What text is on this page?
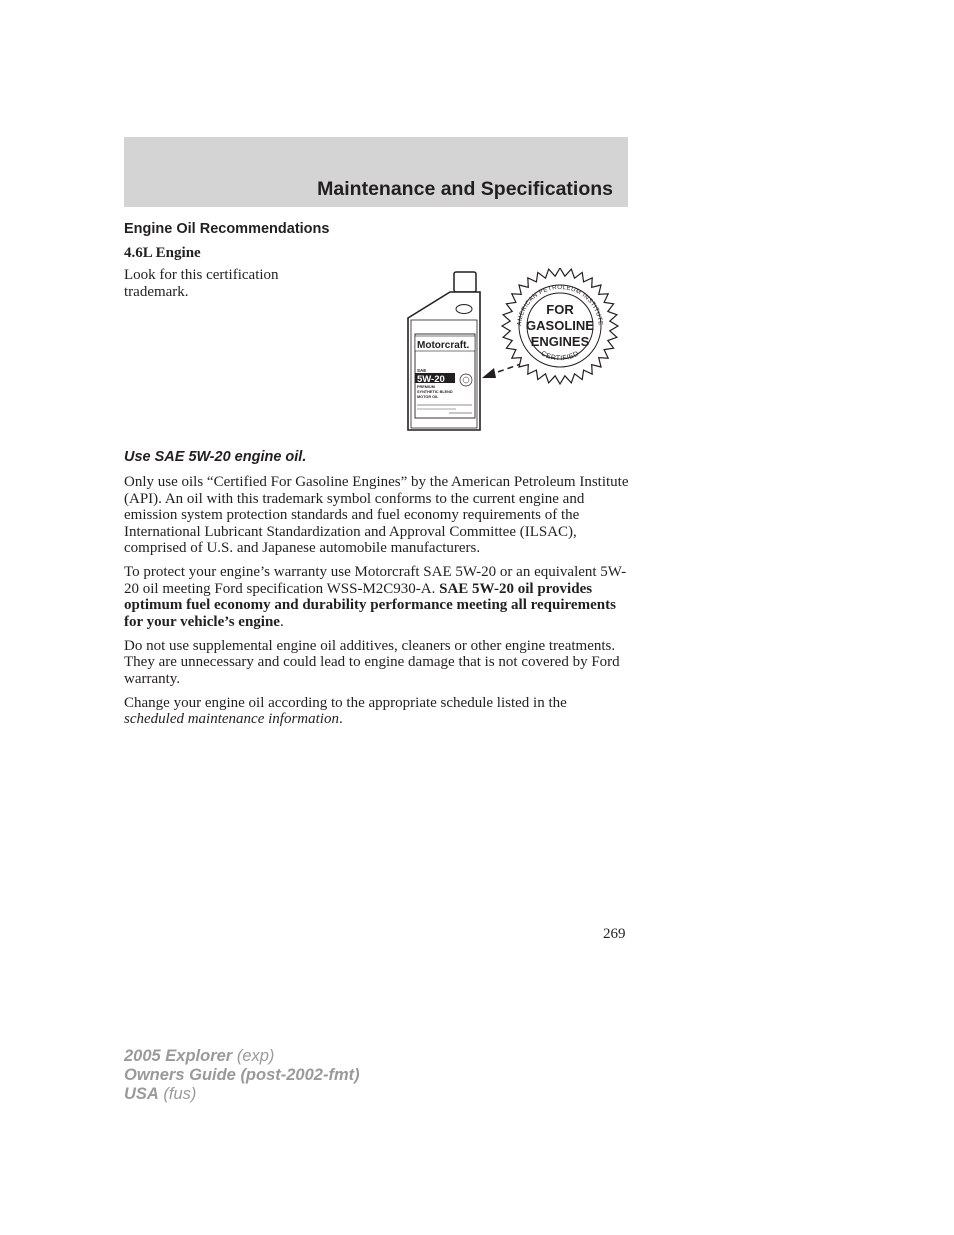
Maintenance and Specifications
Engine Oil Recommendations
4.6L Engine
Look for this certification trademark.
Motorcraft.
SAE
5W-20
PREMIUM
SYNTHETIC BLEND
MOTOR OIL
AMERICAN PETROLEUM INSTITUTE
CERTIFIED
FOR
GASOLINE
ENGINES
Use SAE 5W-20 engine oil.

Only use oils “Certified For Gasoline Engines” by the American Petroleum Institute (API). An oil with this trademark symbol conforms to the current engine and emission system protection standards and fuel economy requirements of the International Lubricant Standardization and Approval Committee (ILSAC), comprised of U.S. and Japanese automobile manufacturers.

To protect your engine’s warranty use Motorcraft SAE 5W-20 or an equivalent 5W-20 oil meeting Ford specification WSS-M2C930-A. SAE 5W-20 oil provides optimum fuel economy and durability performance meeting all requirements for your vehicle’s engine.

Do not use supplemental engine oil additives, cleaners or other engine treatments. They are unnecessary and could lead to engine damage that is not covered by Ford warranty.

Change your engine oil according to the appropriate schedule listed in the scheduled maintenance information.

269
2005 Explorer (exp)
Owners Guide (post-2002-fmt)
USA (fus)
